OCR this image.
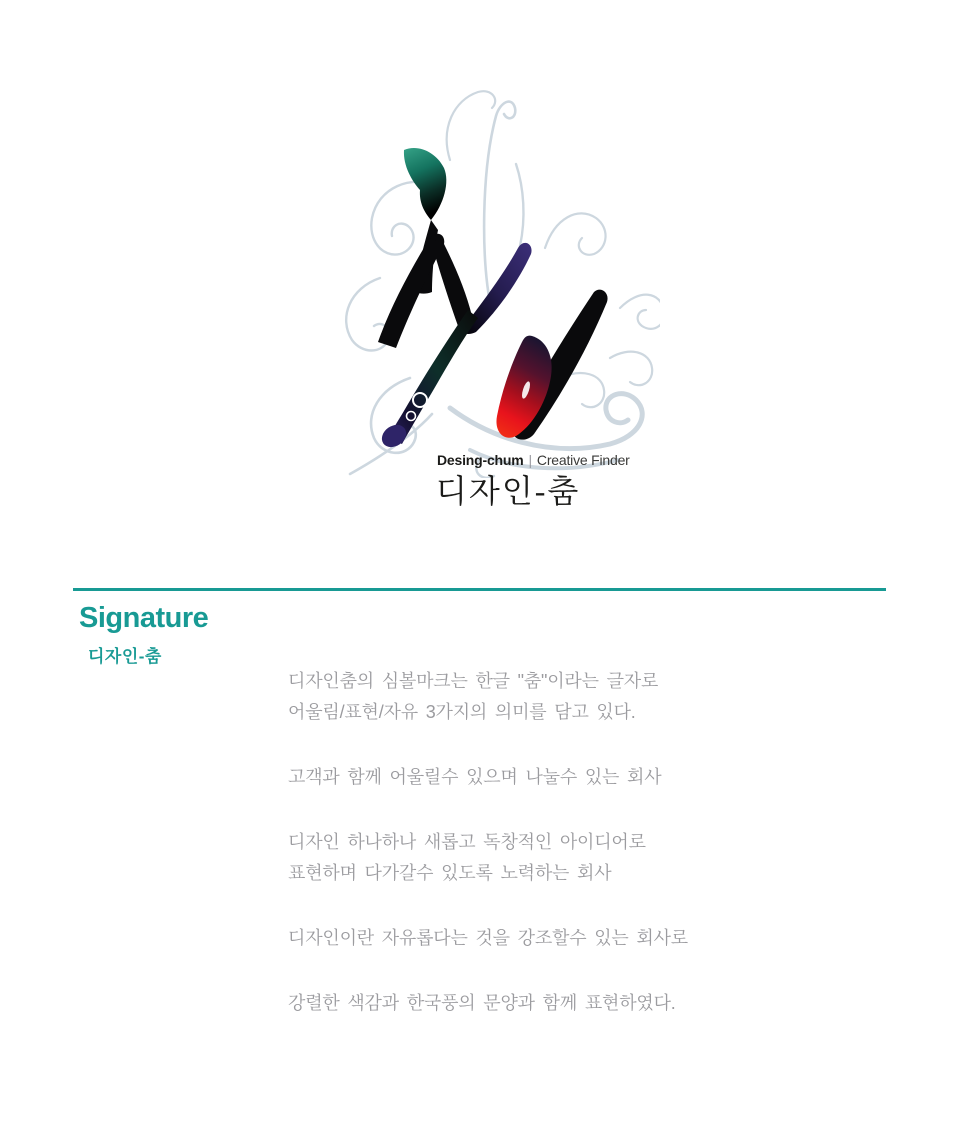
Desing-chum | Creative Finder
디자인-춤
Signature
디자인-춤

디자인춤의 심볼마크는 한글 "춤"이라는 글자로
어울림/표현/자유 3가지의 의미를 담고 있다.

고객과 함께 어울릴수 있으며 나눌수 있는 회사

디자인 하나하나 새롭고 독창적인 아이디어로
표현하며 다가갈수 있도록 노력하는 회사

디자인이란 자유롭다는 것을 강조할수 있는 회사로

강렬한 색감과 한국풍의 문양과 함께 표현하였다.
